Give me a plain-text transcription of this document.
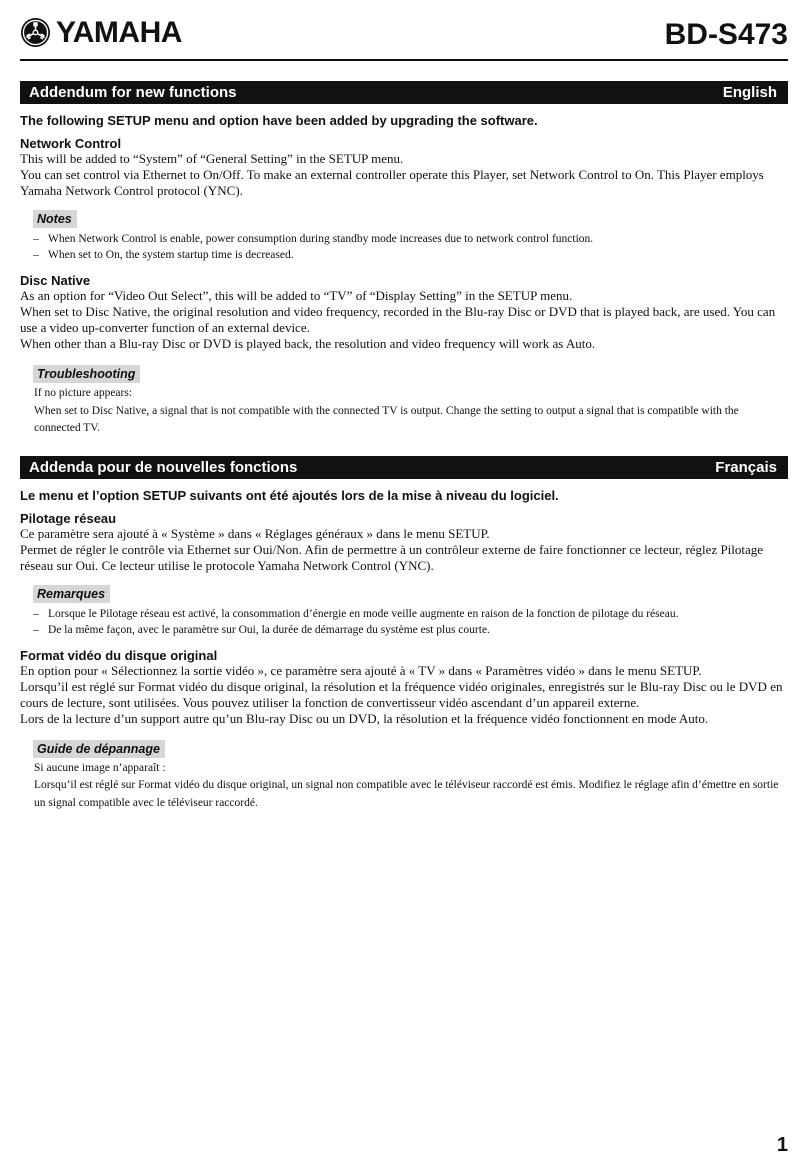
YAMAHA	BD-S473
Addendum for new functions	English

The following SETUP menu and option have been added by upgrading the software.

Network Control

This will be added to “System” of “General Setting” in the SETUP menu.

You can set control via Ethernet to On/Off. To make an external controller operate this Player, set Network Control to On. This Player employs Yamaha Network Control protocol (YNC).

Notes

– When Network Control is enable, power consumption during standby mode increases due to network control function.

– When set to On, the system startup time is decreased.

Disc Native

As an option for “Video Out Select”, this will be added to “TV” of “Display Setting” in the SETUP menu.

When set to Disc Native, the original resolution and video frequency, recorded in the Blu-ray Disc or DVD that is played back, are used. You can use a video up-converter function of an external device.

When other than a Blu-ray Disc or DVD is played back, the resolution and video frequency will work as Auto.

Troubleshooting

If no picture appears:

When set to Disc Native, a signal that is not compatible with the connected TV is output. Change the setting to output a signal that is compatible with the connected TV.

Addenda pour de nouvelles fonctions	Français

Le menu et l’option SETUP suivants ont été ajoutés lors de la mise à niveau du logiciel.

Pilotage réseau

Ce paramètre sera ajouté à « Système » dans « Réglages généraux » dans le menu SETUP.

Permet de régler le contrôle via Ethernet sur Oui/Non. Afin de permettre à un contrôleur externe de faire fonctionner ce lecteur, réglez Pilotage réseau sur Oui. Ce lecteur utilise le protocole Yamaha Network Control (YNC).

Remarques

– Lorsque le Pilotage réseau est activé, la consommation d’énergie en mode veille augmente en raison de la fonction de pilotage du réseau.

– De la même façon, avec le paramètre sur Oui, la durée de démarrage du système est plus courte.

Format vidéo du disque original

En option pour « Sélectionnez la sortie vidéo », ce paramètre sera ajouté à « TV » dans « Paramètres vidéo » dans le menu SETUP.

Lorsqu’il est réglé sur Format vidéo du disque original, la résolution et la fréquence vidéo originales, enregistrés sur le Blu-ray Disc ou le DVD en cours de lecture, sont utilisées. Vous pouvez utiliser la fonction de convertisseur vidéo ascendant d’un appareil externe.

Lors de la lecture d’un support autre qu’un Blu-ray Disc ou un DVD, la résolution et la fréquence vidéo fonctionnent en mode Auto.

Guide de dépannage

Si aucune image n’apparaît :

Lorsqu’il est réglé sur Format vidéo du disque original, un signal non compatible avec le téléviseur raccordé est émis. Modifiez le réglage afin d’émettre en sortie un signal compatible avec le téléviseur raccordé.

1
